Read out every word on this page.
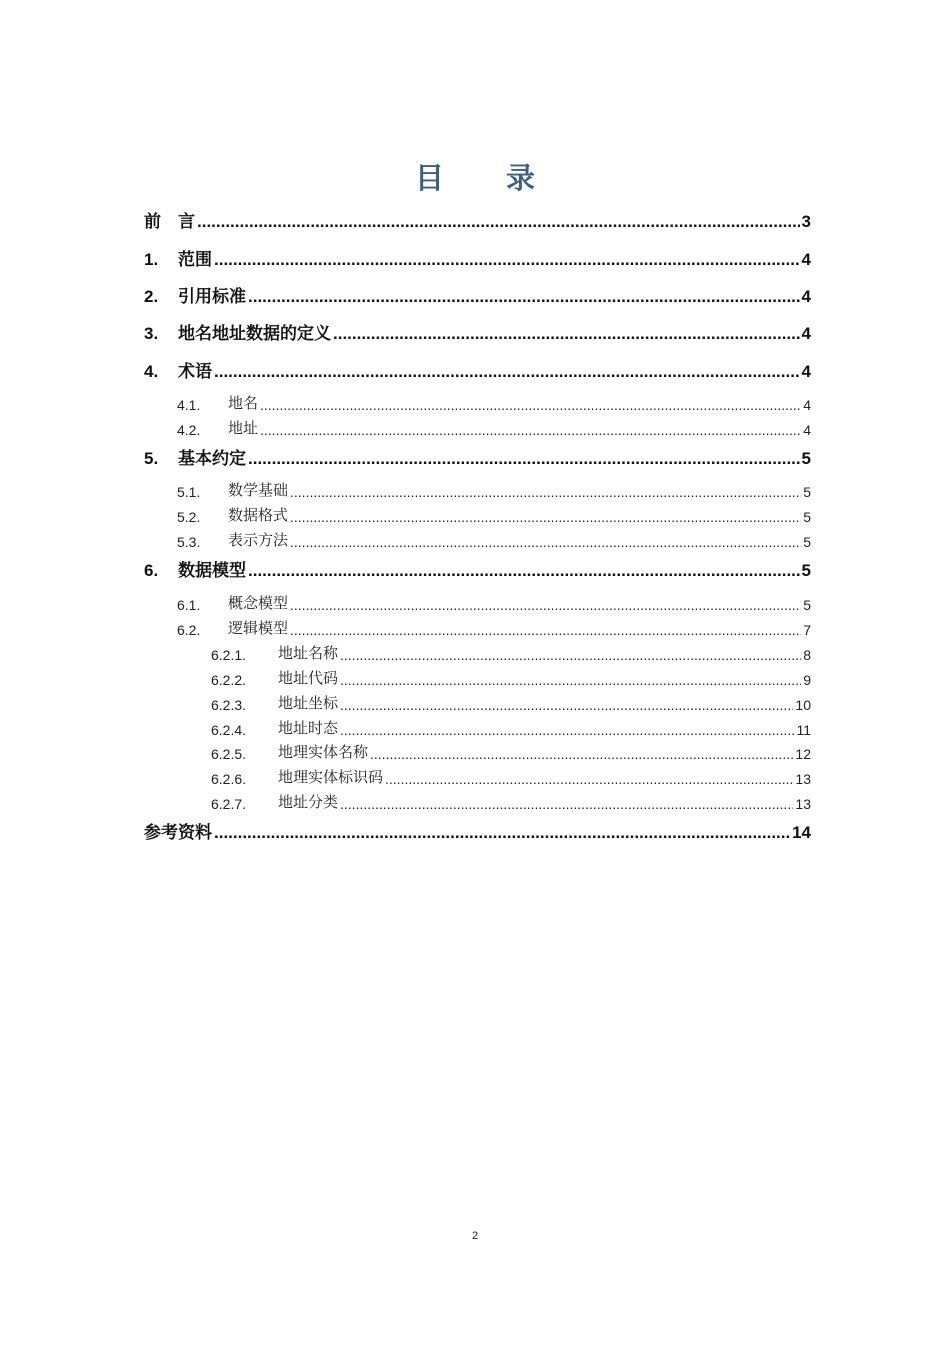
目 录
前　言 .....	3
1.	范围 .....	4
2.	引用标准 .....	4
3.	地名地址数据的定义 .....	4
4.	术语 .....	4
4.1.	地名 .....	4
4.2.	地址 .....	4
5.	基本约定 .....	5
5.1.	数学基础 .....	5
5.2.	数据格式 .....	5
5.3.	表示方法 .....	5
6.	数据模型 .....	5
6.1.	概念模型 .....	5
6.2.	逻辑模型 .....	7
6.2.1.	地址名称 .....	8
6.2.2.	地址代码 .....	9
6.2.3.	地址坐标 .....	10
6.2.4.	地址时态 .....	11
6.2.5.	地理实体名称 .....	12
6.2.6.	地理实体标识码 .....	13
6.2.7.	地址分类 .....	13
参考资料 .....	14
2
